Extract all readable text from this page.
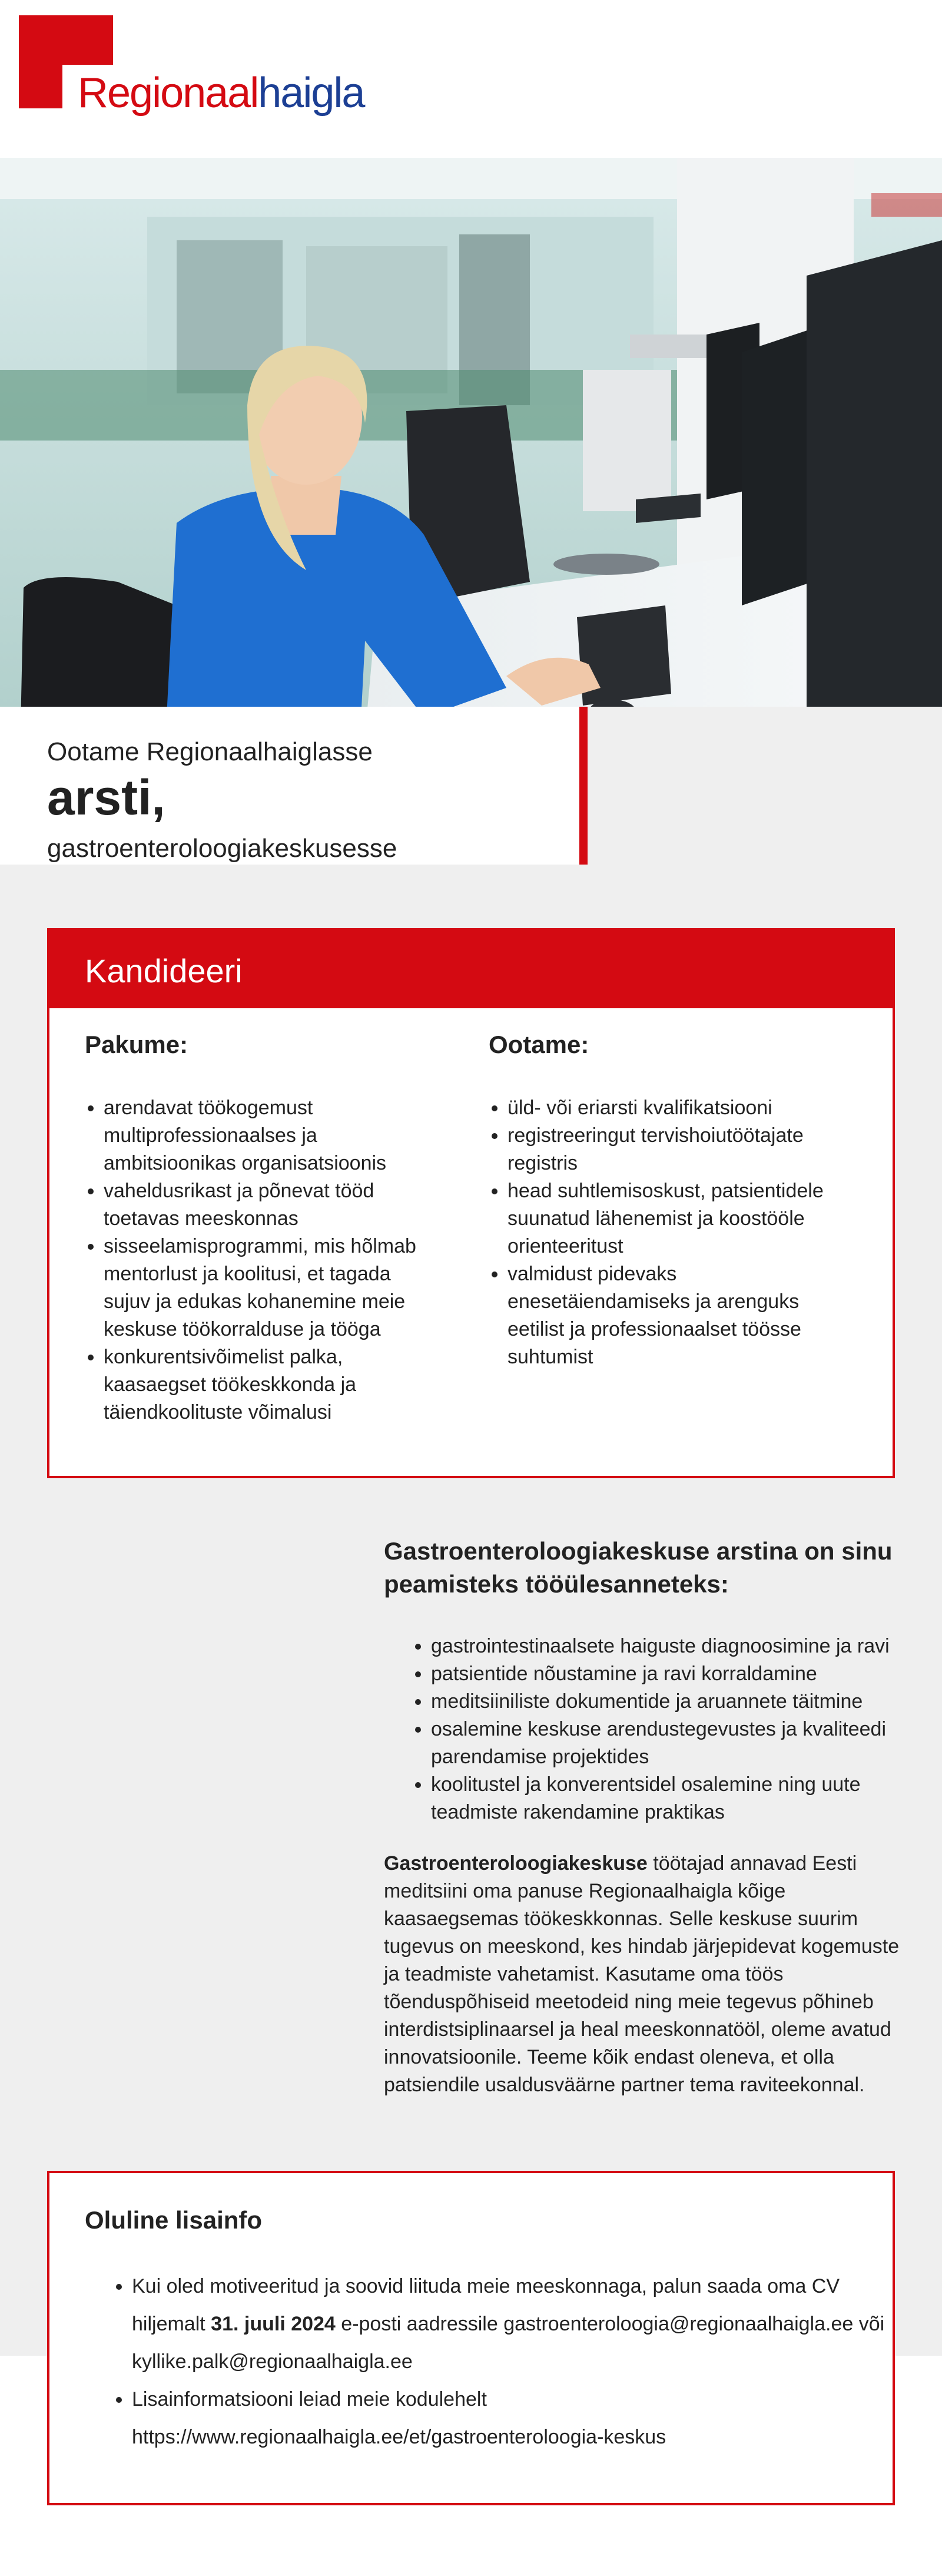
Regionaalhaigla
Ootame Regionaalhaiglasse
arsti,
gastroenteroloogiakeskusesse
Kandideeri
Pakume:
• arendavat töökogemust multiprofessionaalses ja ambitsioonikas organisatsioonis
• vaheldusrikast ja põnevat tööd toetavas meeskonnas
• sisseelamisprogrammi, mis hõlmab mentorlust ja koolitusi, et tagada sujuv ja edukas kohanemine meie keskuse töökorralduse ja tööga
• konkurentsivõimelist palka, kaasaegset töökeskkonda ja täiendkoolituste võimalusi
Ootame:
• üld- või eriarsti kvalifikatsiooni
• registreeringut tervishoiutöötajate registris
• head suhtlemisoskust, patsientidele suunatud lähenemist ja koostööle orienteeritust
• valmidust pidevaks enesetäiendamiseks ja arenguks eetilist ja professionaalset töösse suhtumist
Gastroenteroloogiakeskuse arstina on sinu
peamisteks tööülesanneteks:
• gastrointestinaalsete haiguste diagnoosimine ja ravi
• patsientide nõustamine ja ravi korraldamine
• meditsiiniliste dokumentide ja aruannete täitmine
• osalemine keskuse arendustegevustes ja kvaliteedi parendamise projektides
• koolitustel ja konverentsidel osalemine ning uute teadmiste rakendamine praktikas

Gastroenteroloogiakeskuse töötajad annavad Eesti meditsiini oma panuse Regionaalhaigla kõige kaasaegsemas töökeskkonnas. Selle keskuse suurim tugevus on meeskond, kes hindab järjepidevat kogemuste ja teadmiste vahetamist. Kasutame oma töös tõenduspõhiseid meetodeid ning meie tegevus põhineb interdistsiplinaarsel ja heal meeskonnatööl, oleme avatud innovatsioonile. Teeme kõik endast oleneva, et olla patsiendile usaldusväärne partner tema raviteekonnal.

Oluline lisainfo
• Kui oled motiveeritud ja soovid liituda meie meeskonnaga, palun saada oma CV hiljemalt 31. juuli 2024 e-posti aadressile gastroenteroloogia@regionaalhaigla.ee või kyllike.palk@regionaalhaigla.ee
• Lisainformatsiooni leiad meie kodulehelt https://www.regionaalhaigla.ee/et/gastroenteroloogia-keskus
